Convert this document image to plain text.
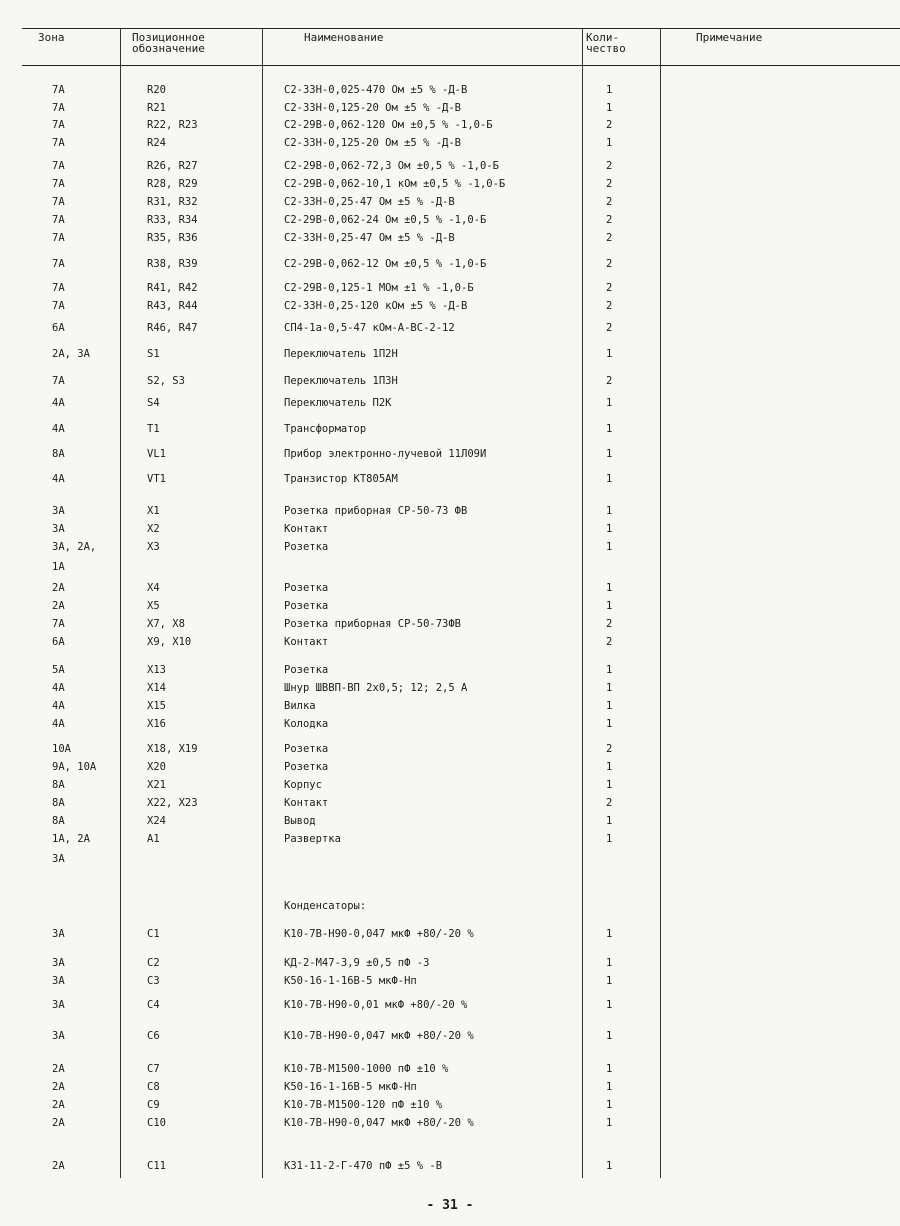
Зона	Позиционное обозначение
Наименование	Коли-чество
Примечание
7A	R20	С2-33Н-0,025-470 Ом ±5 % -Д-В	1
7A	R21	С2-33Н-0,125-20 Ом ±5 % -Д-В	1
7A	R22, R23	С2-29В-0,062-120 Ом ±0,5 % -1,0-Б	2
7A	R24	С2-33Н-0,125-20 Ом ±5 % -Д-В	1
7A	R26, R27	С2-29В-0,062-72,3 Ом ±0,5 % -1,0-Б	2
7A	R28, R29	С2-29В-0,062-10,1 кОм ±0,5 % -1,0-Б	2
7A	R31, R32	С2-33Н-0,25-47 Ом ±5 % -Д-В	2
7A	R33, R34	С2-29В-0,062-24 Ом ±0,5 % -1,0-Б	2
7A	R35, R36	С2-33Н-0,25-47 Ом ±5 % -Д-В	2
7A	R38, R39	С2-29В-0,062-12 Ом ±0,5 % -1,0-Б	2
7A	R41, R42	С2-29В-0,125-1 МОм ±1 % -1,0-Б	2
7A	R43, R44	С2-33Н-0,25-120 кОм ±5 % -Д-В	2
6A	R46, R47	СП4-1а-0,5-47 кОм-А-ВС-2-12	2
2A, 3A	S1	Переключатель 1П2Н	1
7A	S2, S3	Переключатель 1П3Н	2
4A	S4	Переключатель П2К	1
4A	T1	Трансформатор	1
8A	VL1	Прибор электронно-лучевой 11Л09И	1
4A	VT1	Транзистор КТ805АМ	1
3A	X1	Розетка приборная СР-50-73 ФВ	1
3A	X2	Контакт	1
3A, 2A,	X3	Розетка	1
1A
2A	X4	Розетка	1
2A	X5	Розетка	1
7A	X7, X8	Розетка приборная СР-50-73ФВ	2
6A	X9, X10	Контакт	2
5A	X13	Розетка	1
4A	X14	Шнур ШВВП-ВП 2х0,5; 12; 2,5 А	1
4A	X15	Вилка	1
4A	X16	Колодка	1
10A	X18, X19	Розетка	2
9A, 10A	X20	Розетка	1
8A	X21	Корпус	1
8A	X22, X23	Контакт	2
8A	X24	Вывод	1
1A, 2A	A1	Развертка	1
3A
Конденсаторы:
3A	C1	К10-7В-Н90-0,047 мкФ +80/-20 %	1
3A	C2	КД-2-М47-3,9 ±0,5 пФ -3	1
3A	C3	К50-16-1-16В-5 мкФ-Нп	1
3A	C4	К10-7В-Н90-0,01 мкФ +80/-20 %	1
3A	C6	К10-7В-Н90-0,047 мкФ +80/-20 %	1
2A	C7	К10-7В-М1500-1000 пФ ±10 %	1
2A	C8	К50-16-1-16В-5 мкФ-Нп	1
2A	C9	К10-7В-М1500-120 пФ ±10 %	1
2A	C10	К10-7В-Н90-0,047 мкФ +80/-20 %	1
2A	C11	К31-11-2-Г-470 пФ ±5 % -В	1
- 31 -
